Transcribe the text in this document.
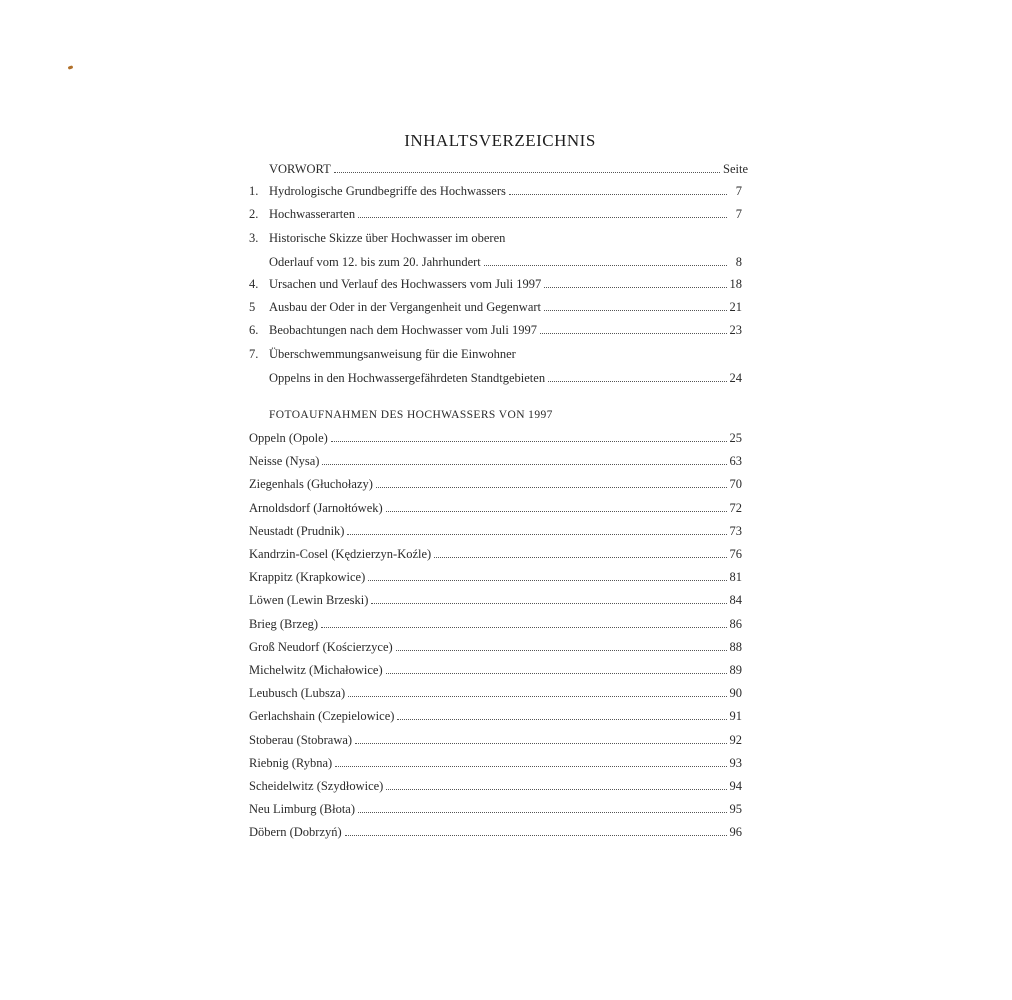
INHALTSVERZEICHNIS
VORWORT	Seite
1. Hydrologische Grundbegriffe des Hochwassers	7
2. Hochwasserarten	7
3. Historische Skizze über Hochwasser im oberen
Oderlauf vom 12. bis zum 20. Jahrhundert	8
4. Ursachen und Verlauf des Hochwassers vom Juli 1997	18
5	Ausbau der Oder in der Vergangenheit und Gegenwart	21
6. Beobachtungen nach dem Hochwasser vom Juli 1997	23
7. Überschwemmungsanweisung für die Einwohner
Oppelns in den Hochwassergefährdeten Standtgebieten	24
FOTOAUFNAHMEN DES HOCHWASSERS VON 1997
Oppeln (Opole)	25
Neisse (Nysa)	63
Ziegenhals (Głuchołazy)	70
Arnoldsdorf (Jarnołtówek)	72
Neustadt (Prudnik)	73
Kandrzin-Cosel (Kędzierzyn-Koźle)	76
Krappitz (Krapkowice)	81
Löwen (Lewin Brzeski)	84
Brieg (Brzeg)	86
Groß Neudorf (Kościerzyce)	88
Michelwitz (Michałowice)	89
Leubusch (Lubsza)	90
Gerlachshain (Czepielowice)	91
Stoberau (Stobrawa)	92
Riebnig (Rybna)	93
Scheidelwitz (Szydłowice)	94
Neu Limburg (Błota)	95
Döbern (Dobrzyń)	96
